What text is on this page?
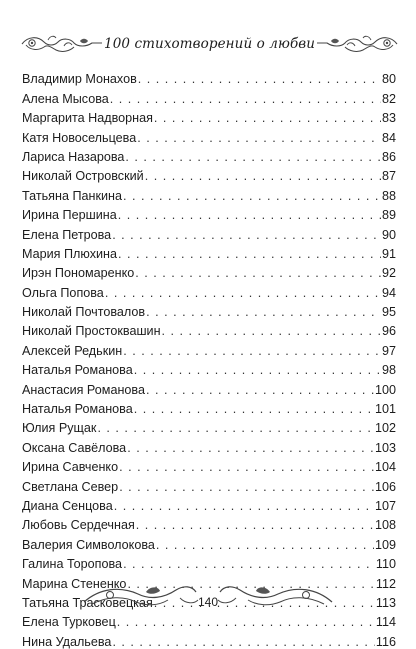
100 стихотворений о любви
Владимир Монахов . . .	80
Алена Мысова . . .	82
Маргарита Надворная . . .	83
Катя Новосельцева . . .	84
Лариса Назарова . . .	86
Николай Островский . . .	87
Татьяна Панкина . . .	88
Ирина Першина . . .	89
Елена Петрова . . .	90
Мария Плюхина . . .	91
Ирэн Пономаренко . . .	92
Ольга Попова . . .	94
Николай Почтовалов . . .	95
Николай Простоквашин . . .	96
Алексей Редькин . . .	97
Наталья Романова . . .	98
Анастасия Романова . . .	100
Наталья Романова . . .	101
Юлия Рущак . . .	102
Оксана Савёлова . . .	103
Ирина Савченко . . .	104
Светлана Север . . .	106
Диана Сенцова . . .	107
Любовь Сердечная . . .	108
Валерия Символокова . . .	109
Галина Торопова . . .	110
Марина Стененко . . .	112
Татьяна Трасковецкая . . .	113
Елена Турковец . . .	114
Нина Удальева . . .	116
140
